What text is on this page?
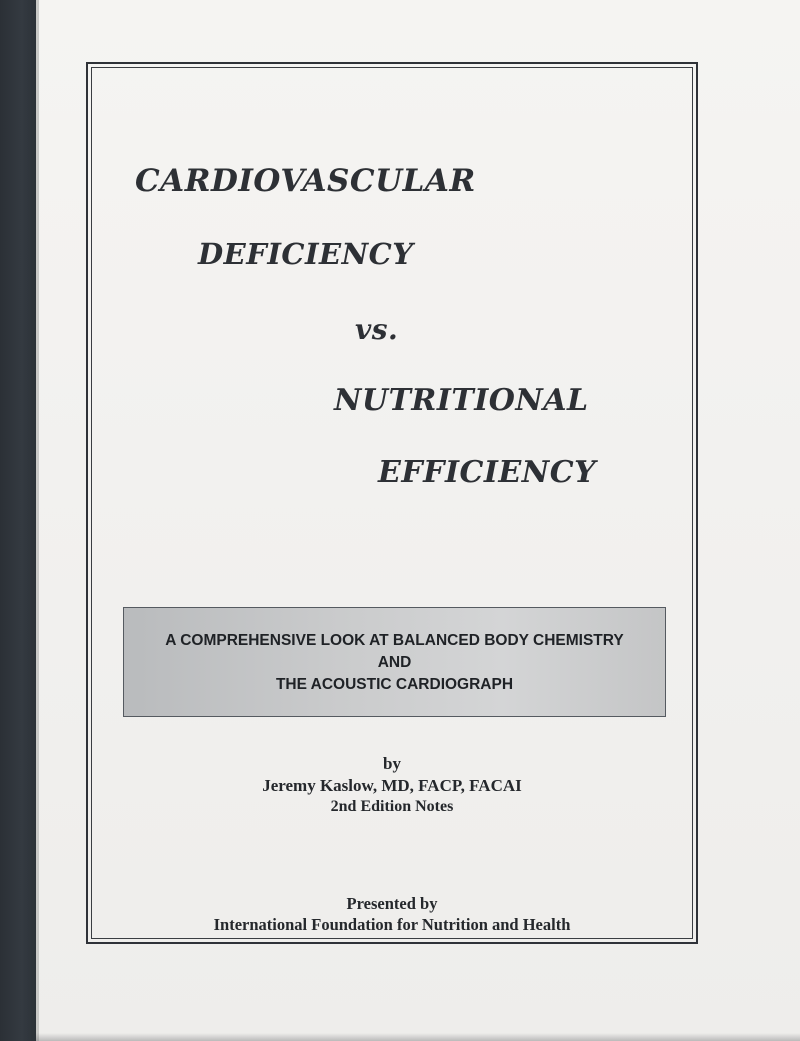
CARDIOVASCULAR
DEFICIENCY
vs.
NUTRITIONAL
EFFICIENCY
A COMPREHENSIVE LOOK AT BALANCED BODY CHEMISTRY
AND
THE ACOUSTIC CARDIOGRAPH
by
Jeremy Kaslow, MD, FACP, FACAI
2nd Edition Notes
Presented by
International Foundation for Nutrition and Health
